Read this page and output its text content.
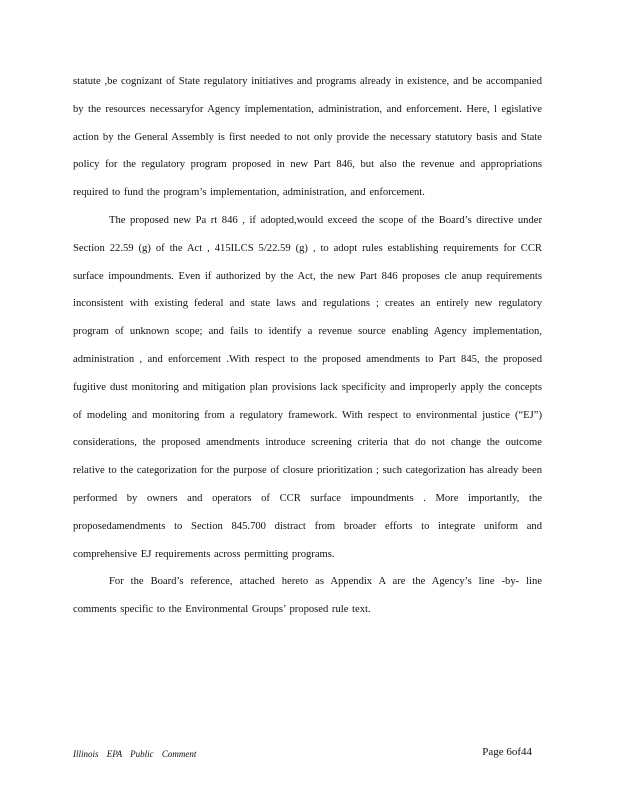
statute ,be cognizant of State regulatory initiatives and programs already in existence, and be accompanied by the resources necessaryfor Agency implementation, administration, and enforcement. Here, l egislative action by the General Assembly is first needed to not only provide the necessary statutory basis and State policy for the regulatory program proposed in new Part 846, but also the revenue and appropriations required to fund the program’s implementation, administration, and enforcement.

The proposed new Pa rt 846 , if adopted,would exceed the scope of the Board’s directive under Section 22.59 (g) of the Act , 415ILCS 5/22.59 (g) , to adopt rules establishing requirements for CCR surface impoundments. Even if authorized by the Act, the new Part 846 proposes cle anup requirements inconsistent with existing federal and state laws and regulations ; creates an entirely new regulatory program of unknown scope; and fails to identify a revenue source enabling Agency implementation, administration , and enforcement .With respect to the proposed amendments to Part 845, the proposed fugitive dust monitoring and mitigation plan provisions lack specificity and improperly apply the concepts of modeling and monitoring from a regulatory framework. With respect to environmental justice (“EJ”) considerations, the proposed amendments introduce screening criteria that do not change the outcome relative to the categorization for the purpose of closure prioritization ; such categorization has already been performed by owners and operators of CCR surface impoundments . More importantly, the proposedamendments to Section 845.700 distract from broader efforts to integrate uniform and comprehensive EJ requirements across permitting programs.

For the Board’s reference, attached hereto as Appendix A are the Agency’s line -by- line comments specific to the Environmental Groups’ proposed rule text.

Illinois EPA Public Comment	Page 6of44
